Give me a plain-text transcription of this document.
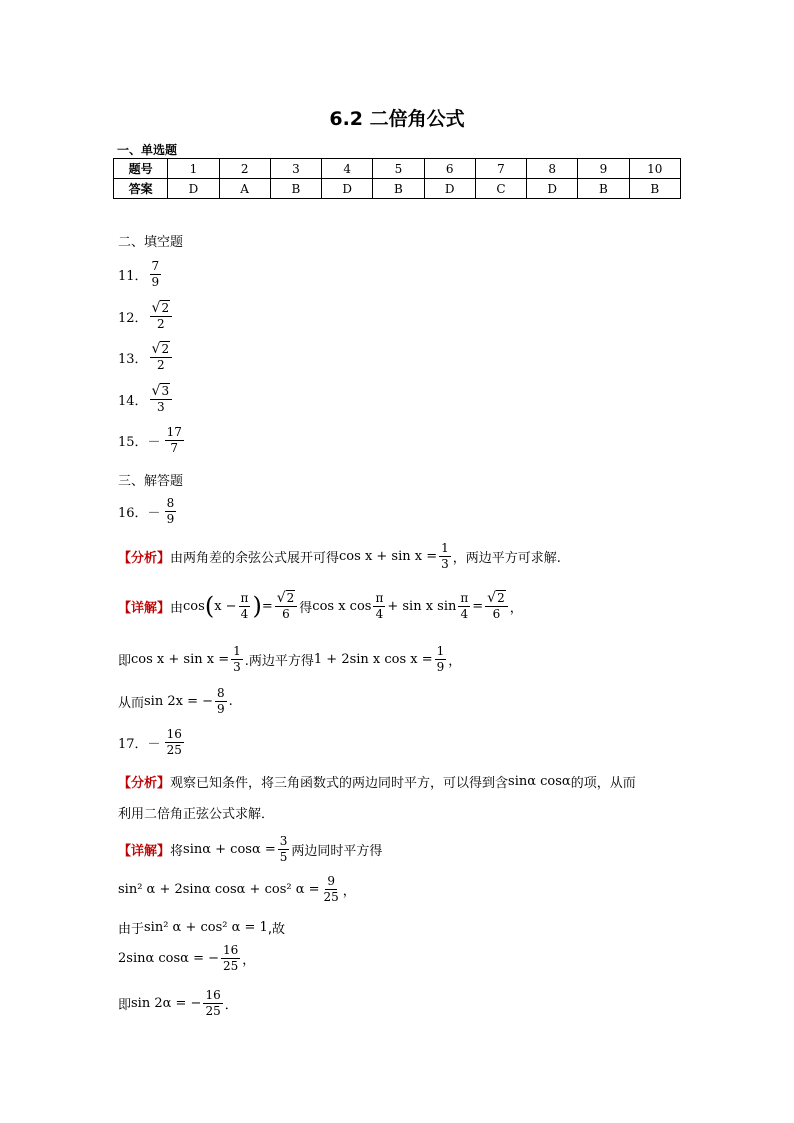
6.2 二倍角公式
一、单选题
题号	1	2	3	4	5	6	7	8	9	10
答案	D	A	B	D	B	D	C	D	B	B
二、填空题
11． $\frac{7}{9}$
12． $\frac{√ 2}{2}$
13． $\frac{√ 2}{2}$
14． $\frac{√ 3}{3}$
15． － $\frac{17}{7}$
三、解答题
16． － $\frac{8}{9}$
【分析】 由两角差的余弦公式展开可得 $\cos x + \sin x = \frac{1}{3}$ ，两边平方可求解.
【详解】 由 cos ( $x - \frac{\pi}{4}$ ) = $\frac{√ 2}{6}$ 得 cos x $\cos \frac{\pi}{4} + \sin x$ $\sin \frac{\pi}{4} = \frac{√ 2}{6}$ ，
即 $\cos x + \sin x = \frac{1}{3}$ .两边平方得 1 + 2sin x $\cos x = \frac{1}{9}$ ，
从而 sin 2x = − $\frac{8}{9}$ .
17． － $\frac{16}{25}$
【分析】 观察已知条件，将三角函数式的两边同时平方，可以得到含 sinα cosα 的项，从而
利用二倍角正弦公式求解．
【详解】 将 $\sin\alpha + \cos\alpha = \frac{3}{5}$ 两边同时平方得
sin² α + 2sinα cosα + cos² $\alpha = \frac{9}{25}$ ，
由于 sin² α + cos² α = 1 ,故
2sinα cosα = − $\frac{16}{25}$ ，
即 sin 2α = − $\frac{16}{25}$ ．
